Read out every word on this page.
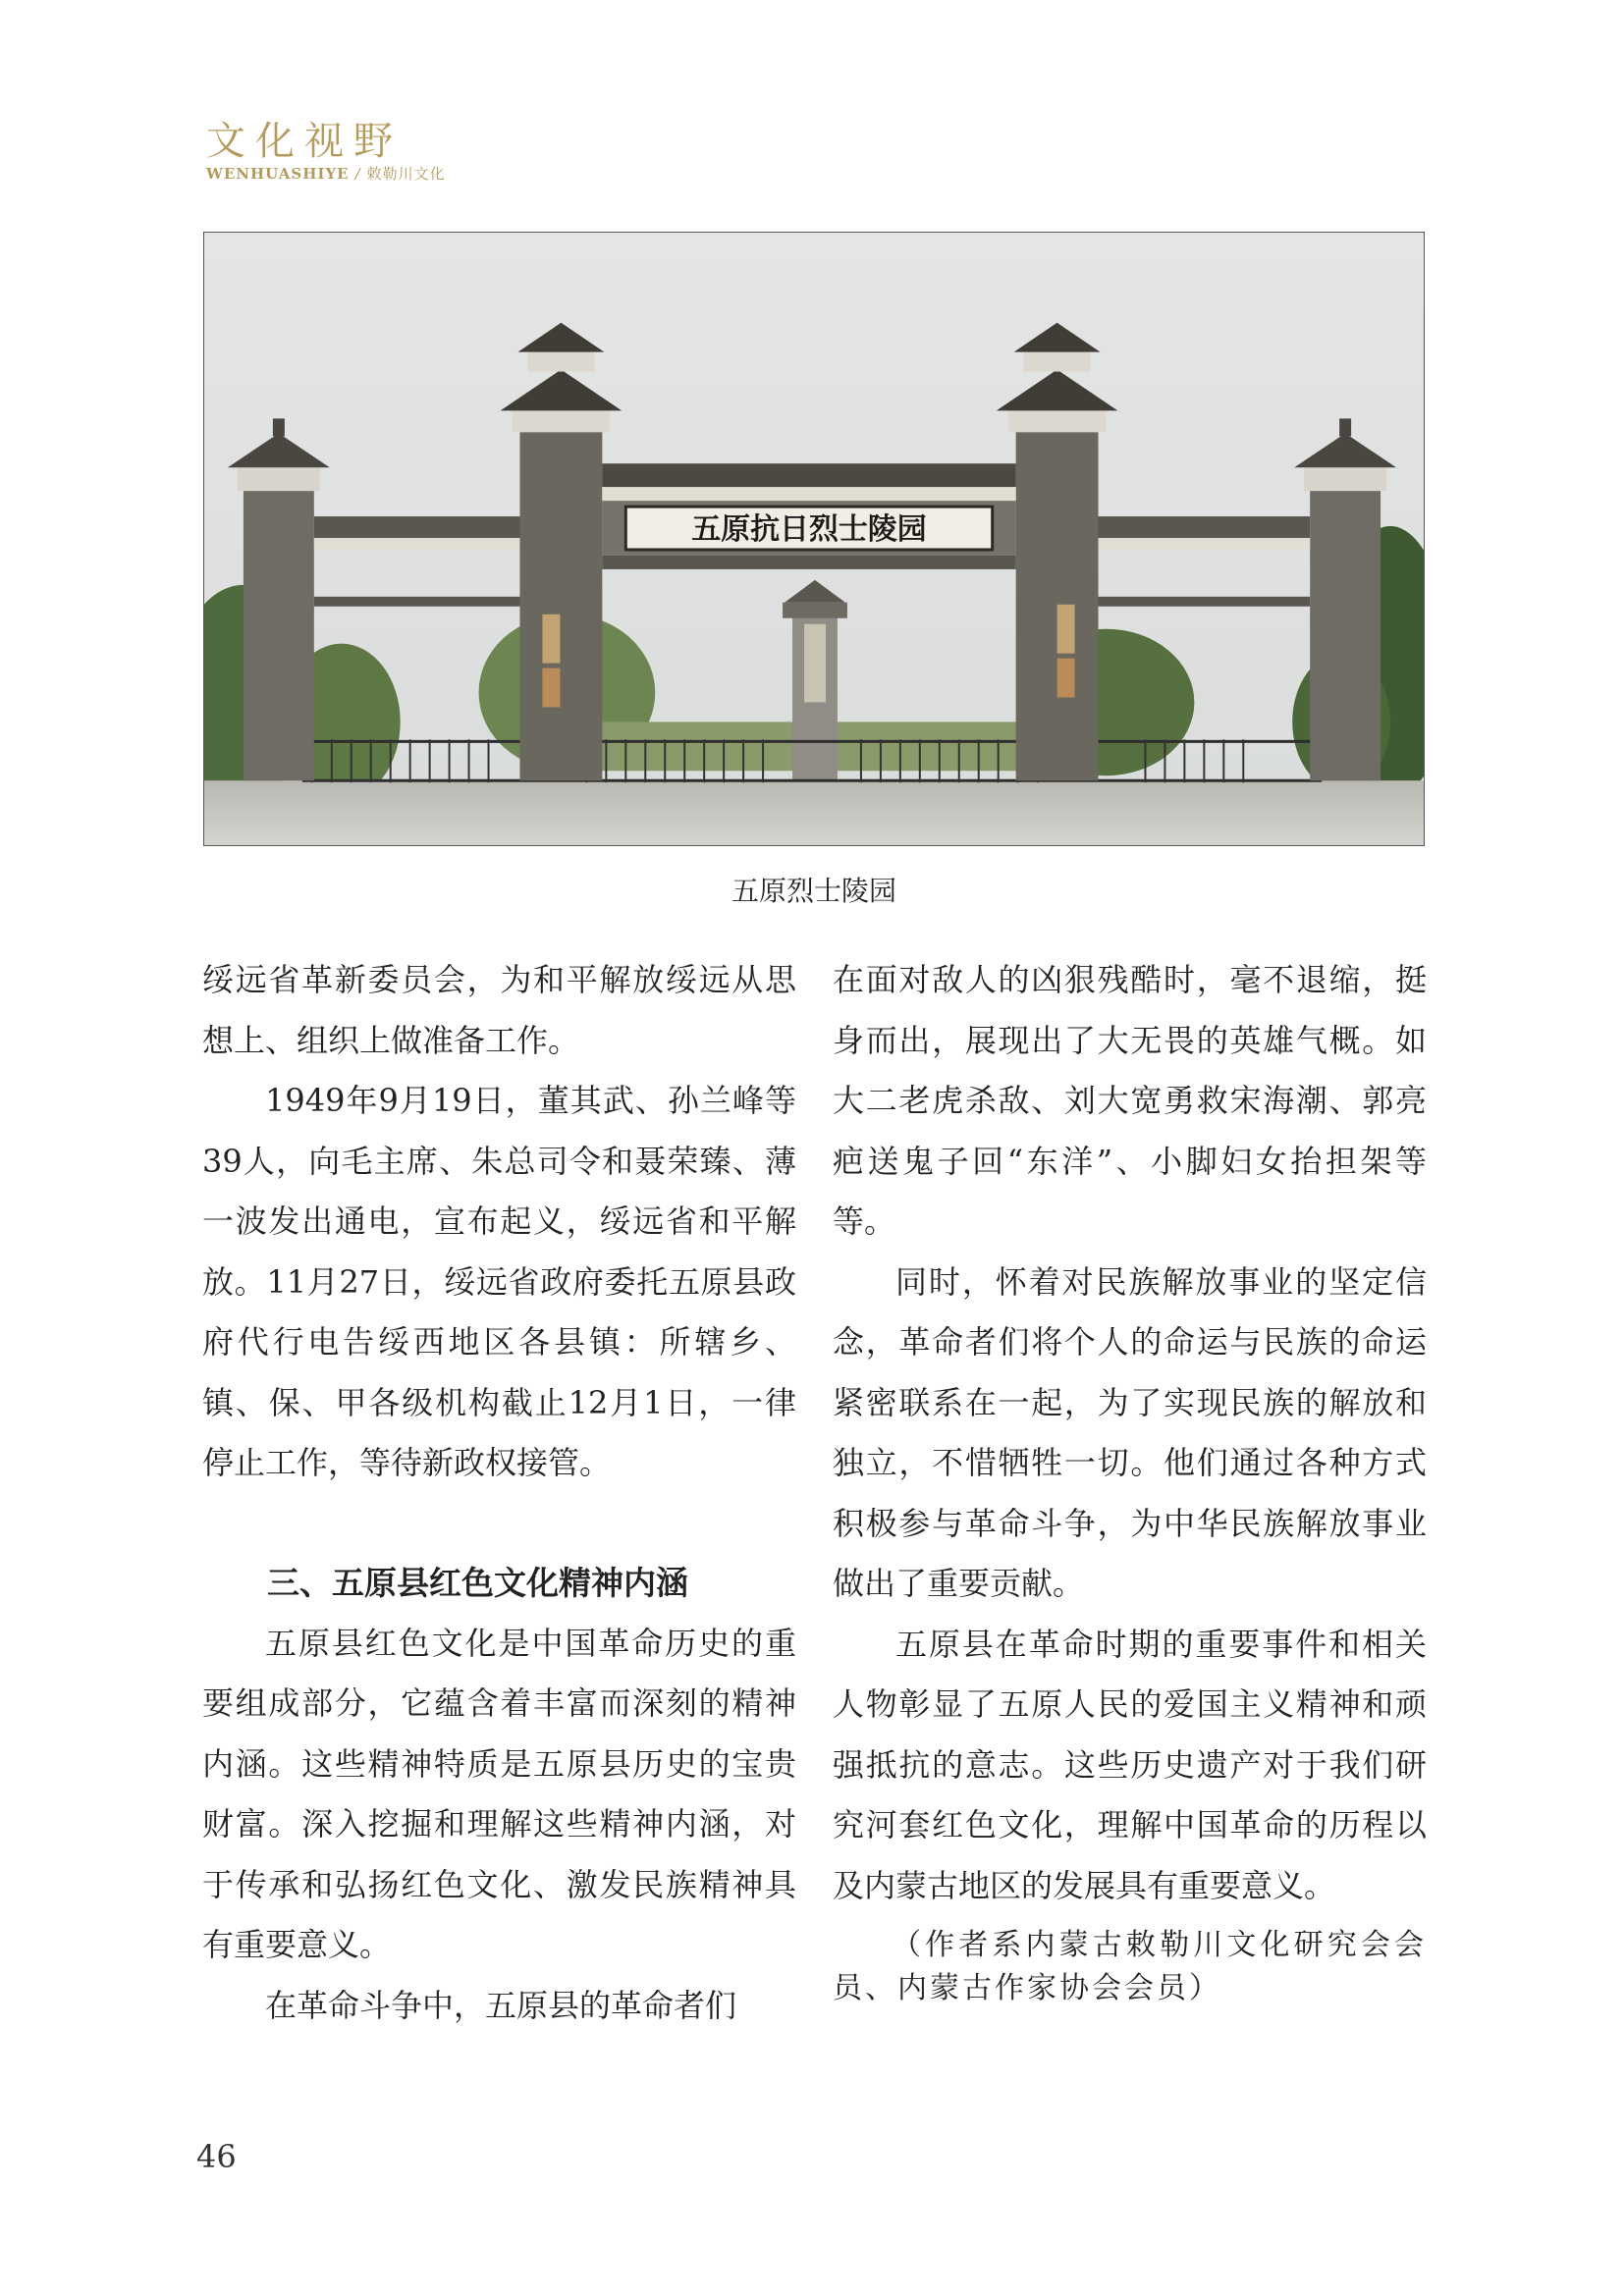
文化视野
WENHUASHIYE / 敕勒川文化
五原抗日烈士陵园
五原烈士陵园

绥远省革新委员会，为和平解放绥远从思想上、组织上做准备工作。

1949年9月19日，董其武、孙兰峰等39人，向毛主席、朱总司令和聂荣臻、薄一波发出通电，宣布起义，绥远省和平解放。11月27日，绥远省政府委托五原县政府代行电告绥西地区各县镇：所辖乡、镇、保、甲各级机构截止12月1日，一律停止工作，等待新政权接管。

三、五原县红色文化精神内涵

五原县红色文化是中国革命历史的重要组成部分，它蕴含着丰富而深刻的精神内涵。这些精神特质是五原县历史的宝贵财富。深入挖掘和理解这些精神内涵，对于传承和弘扬红色文化、激发民族精神具有重要意义。

在革命斗争中，五原县的革命者们

在面对敌人的凶狠残酷时，毫不退缩，挺身而出，展现出了大无畏的英雄气概。如大二老虎杀敌、刘大宽勇救宋海潮、郭亮疤送鬼子回“东洋”、小脚妇女抬担架等等。

同时，怀着对民族解放事业的坚定信念，革命者们将个人的命运与民族的命运紧密联系在一起，为了实现民族的解放和独立，不惜牺牲一切。他们通过各种方式积极参与革命斗争，为中华民族解放事业做出了重要贡献。

五原县在革命时期的重要事件和相关人物彰显了五原人民的爱国主义精神和顽强抵抗的意志。这些历史遗产对于我们研究河套红色文化，理解中国革命的历程以及内蒙古地区的发展具有重要意义。

（作者系内蒙古敕勒川文化研究会会员、内蒙古作家协会会员）

46
